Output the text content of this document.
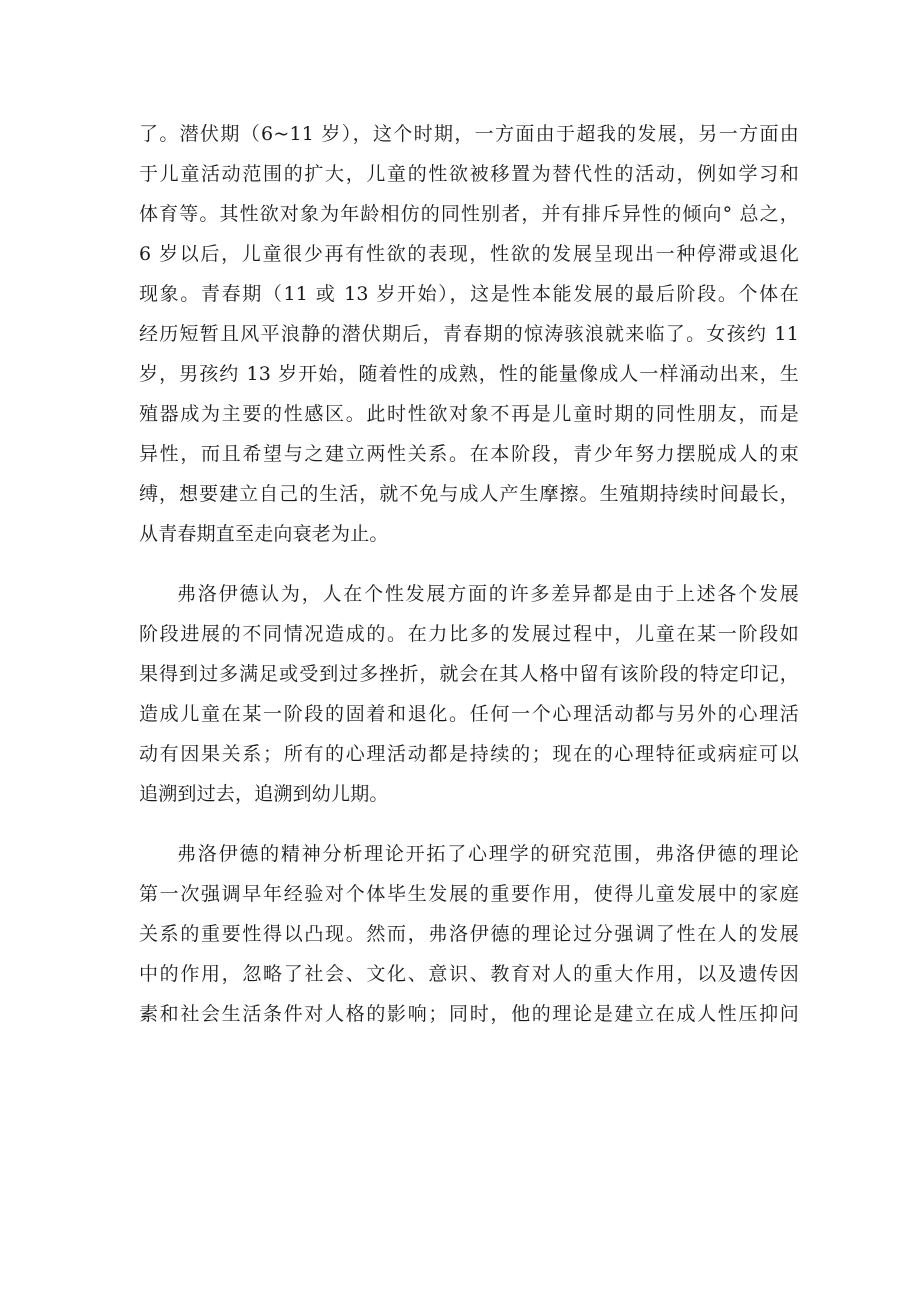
了。潜伏期（6~11 岁），这个时期，一方面由于超我的发展，另一方面由
于儿童活动范围的扩大，儿童的性欲被移置为替代性的活动，例如学习和
体育等。其性欲对象为年龄相仿的同性别者，并有排斥异性的倾向° 总之，
6 岁以后，儿童很少再有性欲的表现，性欲的发展呈现出一种停滞或退化
现象。青春期（11 或 13 岁开始），这是性本能发展的最后阶段。个体在
经历短暂且风平浪静的潜伏期后，青春期的惊涛骇浪就来临了。女孩约 11
岁，男孩约 13 岁开始，随着性的成熟，性的能量像成人一样涌动出来，生
殖器成为主要的性感区。此时性欲对象不再是儿童时期的同性朋友，而是
异性，而且希望与之建立两性关系。在本阶段，青少年努力摆脱成人的束
缚，想要建立自己的生活，就不免与成人产生摩擦。生殖期持续时间最长，
从青春期直至走向衰老为止。
弗洛伊德认为，人在个性发展方面的许多差异都是由于上述各个发展
阶段进展的不同情况造成的。在力比多的发展过程中，儿童在某一阶段如
果得到过多满足或受到过多挫折，就会在其人格中留有该阶段的特定印记，
造成儿童在某一阶段的固着和退化。任何一个心理活动都与另外的心理活
动有因果关系；所有的心理活动都是持续的；现在的心理特征或病症可以
追溯到过去，追溯到幼儿期。
弗洛伊德的精神分析理论开拓了心理学的研究范围，弗洛伊德的理论
第一次强调早年经验对个体毕生发展的重要作用，使得儿童发展中的家庭
关系的重要性得以凸现。然而，弗洛伊德的理论过分强调了性在人的发展
中的作用，忽略了社会、文化、意识、教育对人的重大作用，以及遗传因
素和社会生活条件对人格的影响；同时，他的理论是建立在成人性压抑问
